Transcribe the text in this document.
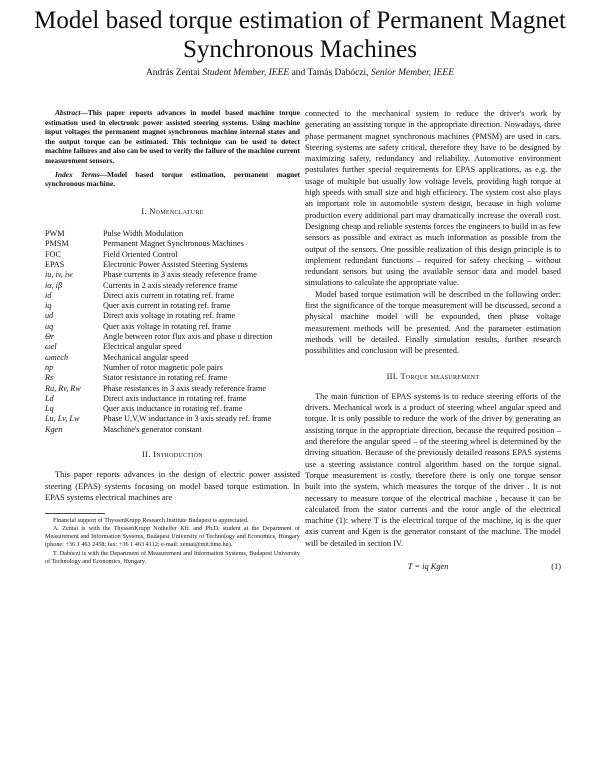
Model based torque estimation of Permanent Magnet Synchronous Machines
András Zentai Student Member, IEEE and Tamás Dabóczi, Senior Member, IEEE

Abstract—This paper reports advances in model based machine torque estimation used in electronic power assisted steering systems. Using machine input voltages the permanent magnet synchronous machine internal states and the output torque can be estimated. This technique can be used to detect machine failures and also can be used to verify the failure of the machine current measurement sensors.

Index Terms—Model based torque estimation, permanent magnet synchronous machine.

I. Nomenclature

PWM	Pulse Width Modulation
PMSM	Permanent Magnet Synchronous Machines
FOC	Field Oriented Control
EPAS	Electronic Power Assisted Steering Systems
iu, iv, iw	Phase currents in 3 axis steady reference frame
iα, iβ	Currents in 2 axis steady reference frame
id	Direct axis current in rotating ref. frame
iq	Quer axis current in rotating ref. frame
ud	Direct axis voltage in rotating ref. frame
uq	Quer axis voltage in rotating ref. frame
Θr	Angle between rotor flux axis and phase u direction
ωel	Electrical angular speed
ωmech	Mechanical angular speed
np	Number of rotor magnetic pole pairs
Rs	Stator resistance in rotating ref. frame
Ru, Rv, Rw	Phase resistances in 3 axis steady reference frame
Ld	Direct axis inductance in rotating ref. frame
Lq	Quer axis inductance in rotating ref. frame
Lu, Lv, Lw	Phase U,V,W inductance in 3 axis steady ref. frame
Kgen	Maschine's generator constant

II. Introduction

This paper reports advances in the design of electric power assisted steering (EPAS) systems focusing on model based torque estimation. In EPAS systems electrical machines are

Financial support of ThyssenKrupp Research Institute Budapest is appreciated.

A. Zentai is with the ThyssenKrupp Nothelfer Kft. and Ph.D. student at the Department of Measurement and Information Systems, Budapest University of Technology and Economics, Hungary (phone: +36 1 463 2458; fax: +36 1 463 4112; e-mail: zentai@mit.bme.hu).

T. Dabóczi is with the Department of Measurement and Information Systems, Budapest University of Technology and Economics, Hungary.

connected to the mechanical system to reduce the driver's work by generating an assisting torque in the appropriate direction. Nowadays, three phase permanent magnet synchronous machines (PMSM) are used in cars. Steering systems are safety critical, therefore they have to be designed by maximizing safety, redundancy and reliability. Automotive environment postulates further special requirements for EPAS applications, as e.g. the usage of multiple but usually low voltage levels, providing high torque at high speeds with small size and high efficiency. The system cost also plays an important role in automobile system design, because in high volume production every additional part may dramatically increase the overall cost. Designing cheap and reliable systems forces the engineers to build in as few sensors as possible and extract as much information as possible from the output of the sensors. One possible realization of this design principle is to implement redundant functions – required for safety checking – without redundant sensors but using the available sensor data and model based simulations to calculate the appropriate value.

Model based torque estimation will be described in the following order: first the significance of the torque measurement will be discussed, second a physical machine model will be expounded, then phase voltage measurement methods will be presented. And the parameter estimation methods will be detailed. Finally simulation results, further research possibilities and conclusion will be presented.

III. Torque measurement

The main function of EPAS systems is to reduce steering efforts of the drivers. Mechanical work is a product of steering wheel angular speed and torque. It is only possible to reduce the work of the driver by generating an assisting torque in the appropriate direction, because the required position – and therefore the angular speed – of the steering wheel is determined by the driving situation. Because of the previously detailed reasons EPAS systems use a steering assistance control algorithm based on the torque signal. Torque measurement is costly, therefore there is only one torque sensor built into the system, which measures the torque of the driver . It is not necessary to measure torque of the electrical machine , because it can be calculated from the stator currents and the rotor angle of the electrical machine (1): where T is the electrical torque of the machine, iq is the quer axis current and Kgen is the generator constant of the machine. The model will be detailed in section IV.

T = iq Kgen	(1)
